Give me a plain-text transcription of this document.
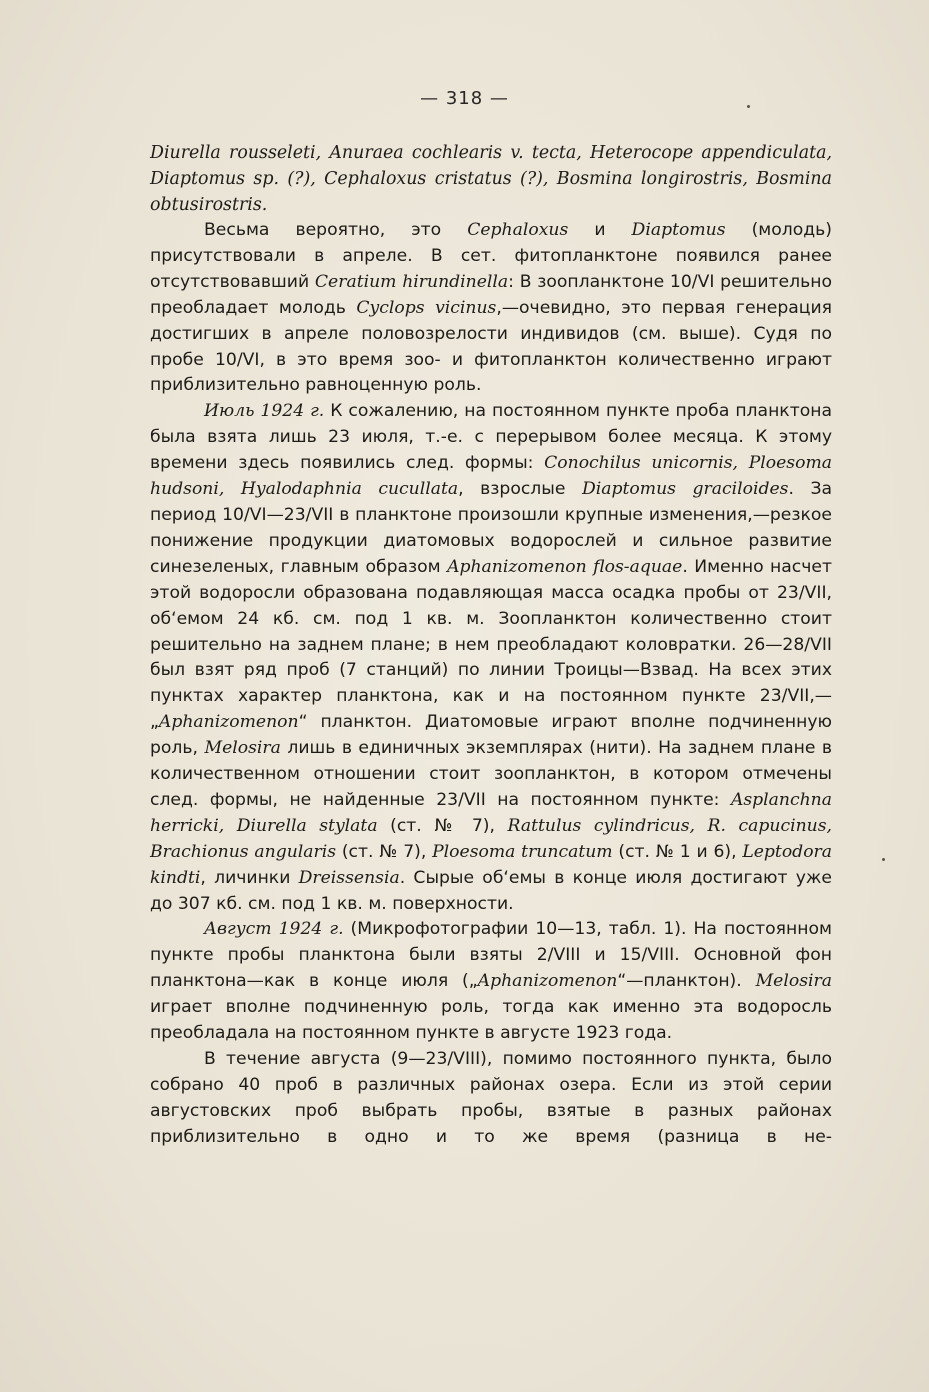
— 318 —

Diurella rousseleti, Anuraea cochlearis v. tecta, Heterocope appendiculata, Diaptomus sp. (?), Cephaloxus cristatus (?), Bosmina longirostris, Bosmina obtusirostris.

Весьма вероятно, это Cephaloxus и Diaptomus (молодь) присутствовали в апреле. В сет. фитопланктоне появился ранее отсутствовавший Ceratium hirundinella: В зоопланктоне 10/VI решительно преобладает молодь Cyclops vicinus,—очевидно, это первая генерация достигших в апреле половозрелости индивидов (см. выше). Судя по пробе 10/VI, в это время зоо- и фитопланктон количественно играют приблизительно равноценную роль.

Июль 1924 г. К сожалению, на постоянном пункте проба планктона была взята лишь 23 июля, т.-е. с перерывом более месяца. К этому времени здесь появились след. формы: Conochilus unicornis, Ploesoma hudsoni, Hyalodaphnia cucullata, взрослые Diaptomus graciloides. За период 10/VI—23/VII в планктоне произошли крупные изменения,—резкое понижение продукции диатомовых водорослей и сильное развитие синезеленых, главным образом Aphanizomenon flos-aquae. Именно насчет этой водоросли образована подавляющая масса осадка пробы от 23/VII, об‘емом 24 кб. см. под 1 кв. м. Зоопланктон количественно стоит решительно на заднем плане; в нем преобладают коловратки. 26—28/VII был взят ряд проб (7 станций) по линии Троицы—Взвад. На всех этих пунктах характер планктона, как и на постоянном пункте 23/VII,—„Aphanizomenon“ планктон. Диатомовые играют вполне подчиненную роль, Melosira лишь в единичных экземплярах (нити). На заднем плане в количественном отношении стоит зоопланктон, в котором отмечены след. формы, не найденные 23/VII на постоянном пункте: Asplanchna herricki, Diurella stylata (ст. № 7), Rattulus cylindricus, R. capucinus, Brachionus angularis (ст. № 7), Ploesoma truncatum (ст. № 1 и 6), Leptodora kindti, личинки Dreissensia. Сырые об‘емы в конце июля достигают уже до 307 кб. см. под 1 кв. м. поверхности.

Август 1924 г. (Микрофотографии 10—13, табл. 1). На постоянном пункте пробы планктона были взяты 2/VIII и 15/VIII. Основной фон планктона—как в конце июля („Aphanizomenon“—планктон). Melosira играет вполне подчиненную роль, тогда как именно эта водоросль преобладала на постоянном пункте в августе 1923 года.

В течение августа (9—23/VIII), помимо постоянного пункта, было собрано 40 проб в различных районах озера. Если из этой серии августовских проб выбрать пробы, взятые в разных районах приблизительно в одно и то же время (разница в не-
